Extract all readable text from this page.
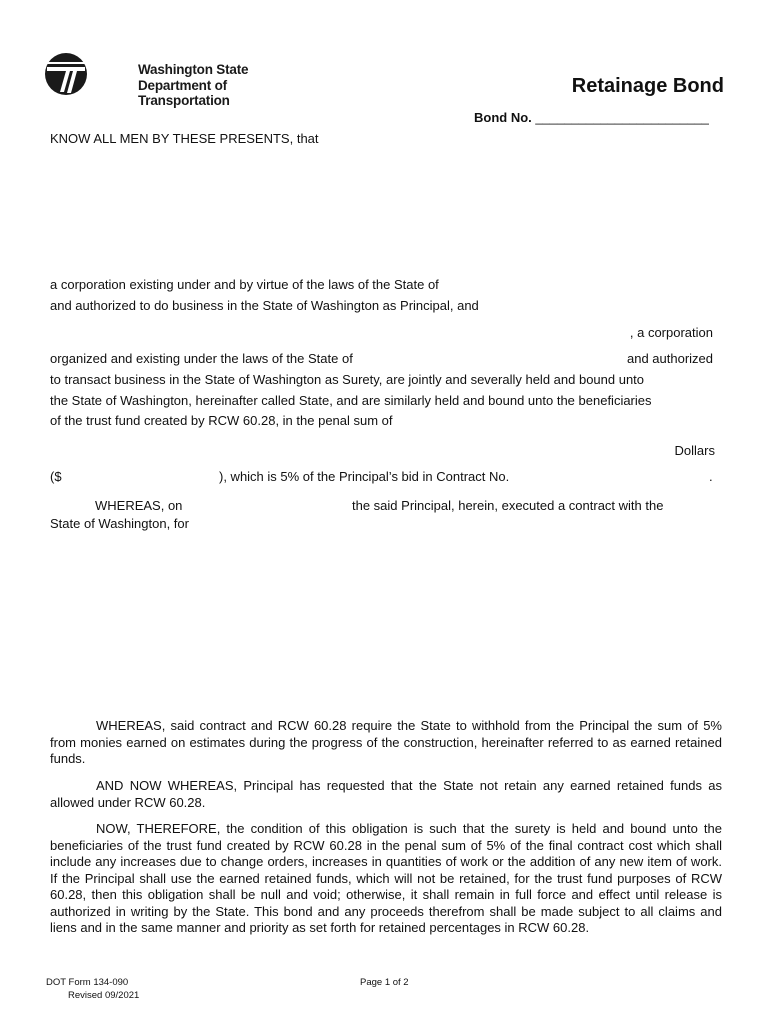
Washington State
Department of Transportation
Retainage Bond
Bond No. ________________________
KNOW ALL MEN BY THESE PRESENTS, that
a corporation existing under and by virtue of the laws of the State of
and authorized to do business in the State of Washington as Principal, and
, a corporation
organized and existing under the laws of the State of	and authorized
to transact business in the State of Washington as Surety, are jointly and severally held and bound unto
the State of Washington, hereinafter called State, and are similarly held and bound unto the beneficiaries
of the trust fund created by RCW 60.28, in the penal sum of
Dollars
($	), which is 5% of the Principal’s bid in Contract No.	.
WHEREAS, on	the said Principal, herein, executed a contract with the
State of Washington, for
WHEREAS, said contract and RCW 60.28 require the State to withhold from the Principal the sum of 5% from monies earned on estimates during the progress of the construction, hereinafter referred to as earned retained funds.
AND NOW WHEREAS, Principal has requested that the State not retain any earned retained funds as allowed under RCW 60.28.
NOW, THEREFORE, the condition of this obligation is such that the surety is held and bound unto the beneficiaries of the trust fund created by RCW 60.28 in the penal sum of 5% of the final contract cost which shall include any increases due to change orders, increases in quantities of work or the addition of any new item of work. If the Principal shall use the earned retained funds, which will not be retained, for the trust fund purposes of RCW 60.28, then this obligation shall be null and void; otherwise, it shall remain in full force and effect until release is authorized in writing by the State. This bond and any proceeds therefrom shall be made subject to all claims and liens and in the same manner and priority as set forth for retained percentages in RCW 60.28.
DOT Form 134-090
Revised 09/2021
Page 1 of 2
